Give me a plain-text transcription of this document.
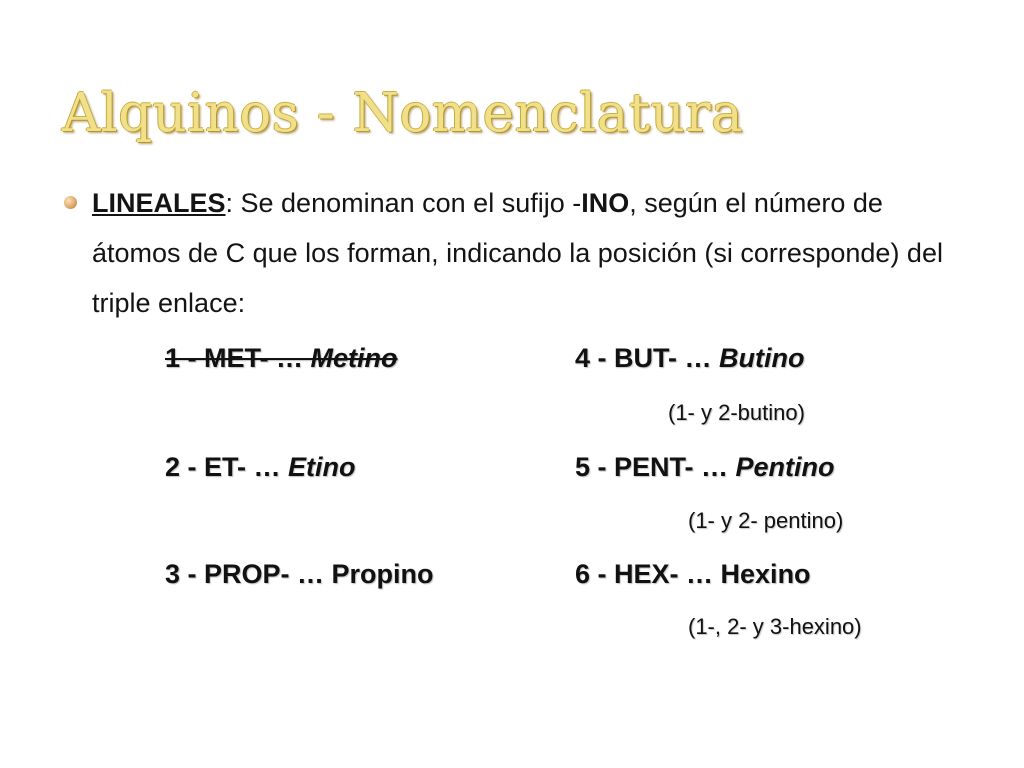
Alquinos - Nomenclatura

LINEALES: Se denominan con el sufijo -INO, según el número de átomos de C que los forman, indicando la posición (si corresponde) del triple enlace:

1 - MET- … Metino
2 - ET- … Etino
3 - PROP- … Propino
4 - BUT- … Butino
(1- y 2-butino)
5 - PENT- … Pentino
(1- y 2- pentino)
6 - HEX- … Hexino
(1-, 2- y 3-hexino)
